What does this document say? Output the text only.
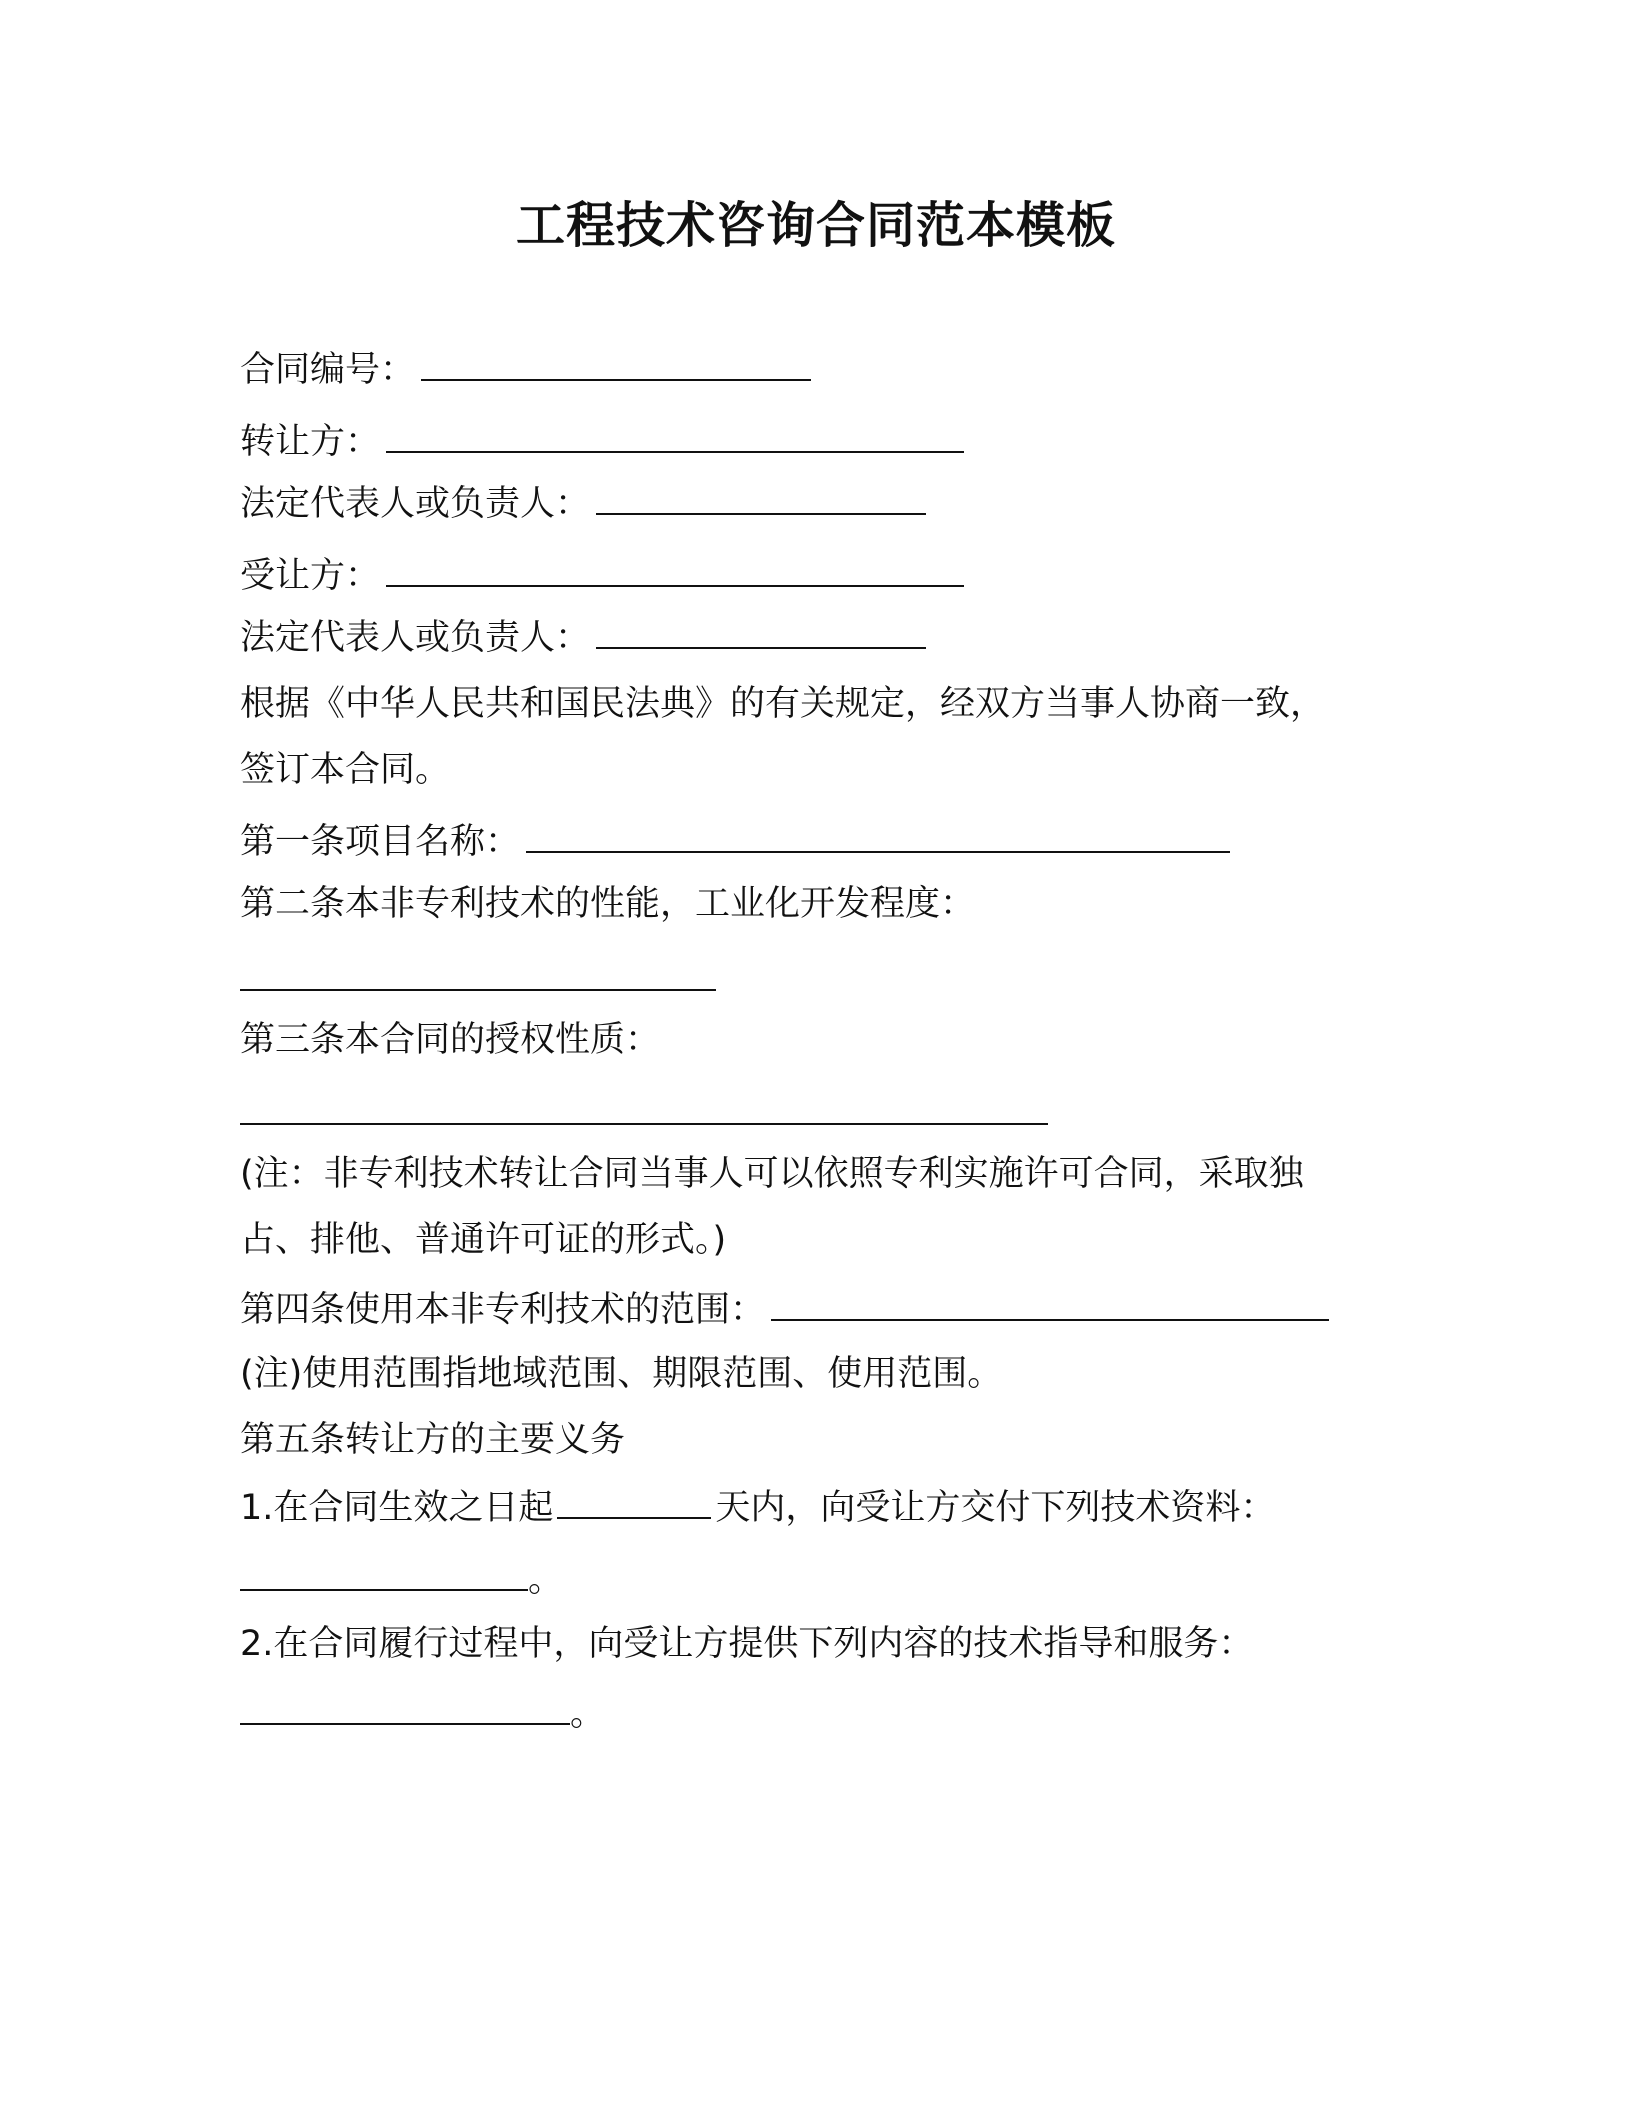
工程技术咨询合同范本模板
合同编号：
转让方：
法定代表人或负责人：
受让方：
法定代表人或负责人：
根据《中华人民共和国民法典》的有关规定，经双方当事人协商一致，
签订本合同。
第一条项目名称：
第二条本非专利技术的性能，工业化开发程度：
第三条本合同的授权性质：
(注：非专利技术转让合同当事人可以依照专利实施许可合同，采取独
占、排他、普通许可证的形式。)
第四条使用本非专利技术的范围：
(注)使用范围指地域范围、期限范围、使用范围。
第五条转让方的主要义务
1.在合同生效之日起	天内，向受让方交付下列技术资料：
。
2.在合同履行过程中，向受让方提供下列内容的技术指导和服务：
。
